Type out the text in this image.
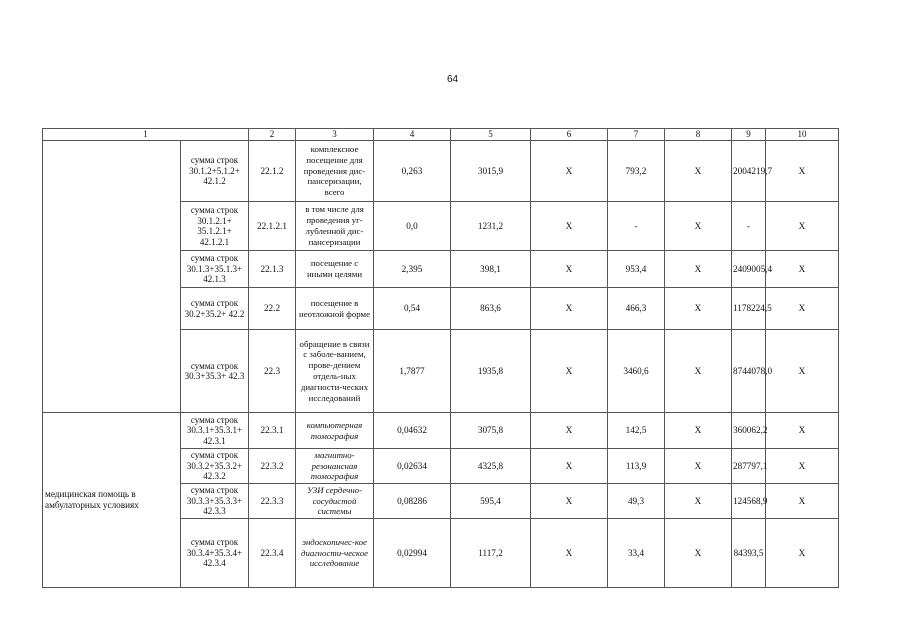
64
1		2	3	4	5	6	7	8	9	10
	сумма строк 30.1.2+5.1.2+ 42.1.2	22.1.2	комплексное посещение для проведения дис-пансеризации, всего	0,263	3015,9	X	793,2	X	2004219,7	X
	сумма строк 30.1.2.1+ 35.1.2.1+ 42.1.2.1	22.1.2.1	в том числе для проведения уг-лубленной дис-пансеризации	0,0	1231,2	X	-	X	-	X
	сумма строк 30.1.3+35.1.3+ 42.1.3	22.1.3	посещение с иными целями	2,395	398,1	X	953,4	X	2409005,4	X
	сумма строк 30.2+35.2+ 42.2	22.2	посещение в неотложной форме	0,54	863,6	X	466,3	X	1178224,5	X
	сумма строк 30.3+35.3+ 42.3	22.3	обращение в связи с заболе-ванием, прове-дением отдель-ных диагности-ческих исследований	1,7877	1935,8	X	3460,6	X	8744078,0	X
медицинская помощь в амбулаторных условиях	сумма строк 30.3.1+35.3.1+ 42.3.1	22.3.1	компьютерная томография	0,04632	3075,8	X	142,5	X	360062,2	X
	сумма строк 30.3.2+35.3.2+ 42.3.2	22.3.2	магнитно-резонансная томография	0,02634	4325,8	X	113,9	X	287797,1	X
	сумма строк 30.3.3+35.3.3+ 42.3.3	22.3.3	УЗИ сердечно-сосудистой системы	0,08286	595,4	X	49,3	X	124568,9	X
	сумма строк 30.3.4+35.3.4+ 42.3.4	22.3.4	эндоскопичес-кое диагности-ческое исследование	0,02994	1117,2	X	33,4	X	84393,5	X
